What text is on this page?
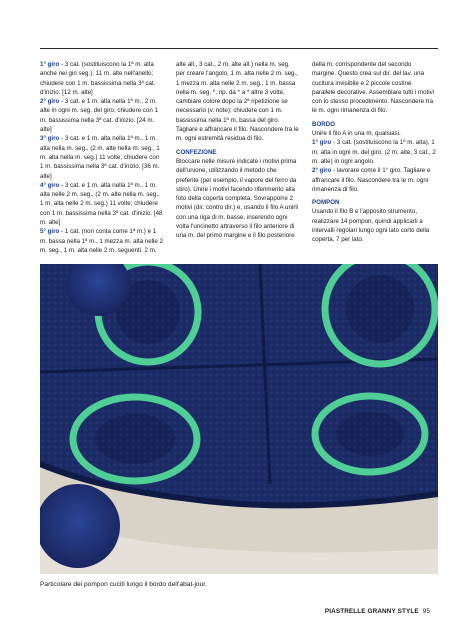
1° giro - 3 cat. (sostituiscono la 1ª m. alta anche nei giri seg.), 11 m. alte nell'anello; chiudere con 1 m. bassissima nella 3ª cat. d'inizio. [12 m. alte]

2° giro - 3 cat. e 1 m. alta nella 1ª m., 2 m. alte in ogni m. seg. del giro; chiudere con 1 m. bassissima nella 3ª cat. d'inizio. [24 m. alte]

3° giro - 3 cat. e 1 m. alta nella 1ª m., 1 m. alta nella m. seg., (2 m. alte nella m. seg., 1 m. alta nella m. seg.) 11 volte; chiudere con 1 m. bassissima nella 3ª cat. d'inizio. [36 m. alte]

4° giro - 3 cat. e 1 m. alta nella 1ª m., 1 m. alta nelle 2 m. seg., (2 m. alte nella m. seg., 1 m. alta nelle 2 m. seg.) 11 volte; chiudere con 1 m. bassissima nella 3ª cat. d'inizio. [48 m. alte]

5° giro - 1 cat. (non conta come 1ª m.) e 1 m. bassa nella 1ª m., 1 mezza m. alta nelle 2 m. seg., 1 m. alta nelle 2 m. seguenti. 2 m.

alte all., 3 cat., 2 m. alte all.) nella m. seg. per creare l'angolo, 1 m. alta nelle 2 m. seg., 1 mezza m. alta nelle 2 m. seg., 1 m. bassa nella m. seg. *, rip. da * a * altre 3 volte, cambiare colore dopo la 2ª ripetizione se necessario (v. note); chiudere con 1 m. bassissima nella 1ª m. bassa del giro. Tagliare e affrancare il filo. Nascondere tra le m. ogni estremità residua di filo.

CONFEZIONE

Bloccare nelle misure indicate i motivi prima dell'unione, utilizzando il metodo che preferite (per esempio, il vapore del ferro da stiro). Unire i motivi facendo riferimento alla foto della coperta completa. Sovrapporre 2 motivi (dir. contro dir.) e, usando il filo A unirli con una riga di m. basse, inserendo ogni volta l'uncinetto attraverso il filo anteriore di una m. del primo margine e il filo posteriore

della m. corrispondente del secondo margine. Questo crea sul dir. del lav. una cucitura invisibile e 2 piccole costine parallele decorative. Assemblare tutti i motivi con lo stesso procedimento. Nascondere tra le m. ogni rimanenza di filo.

BORDO

Unire il filo A in una m. qualsiasi.

1° giro - 3 cat. (sostituiscono la 1ª m. alta), 1 m. alta in ogni m. del giro, (2 m. alte, 3 cat., 2 m. alte) in ogni angolo.

2° giro - lavorare come il 1° giro. Tagliare e affrancare il filo. Nascondere tra le m. ogni rimanenza di filo.

POMPON

Usando il filo B e l'apposito strumento, realizzare 14 pompon, quindi applicarli a intervalli regolari lungo ogni lato corto della coperta, 7 per lato.

Particolare dei pompon cuciti lungo il bordo dell'abat-jour.
PIASTRELLE GRANNY STYLE 95
